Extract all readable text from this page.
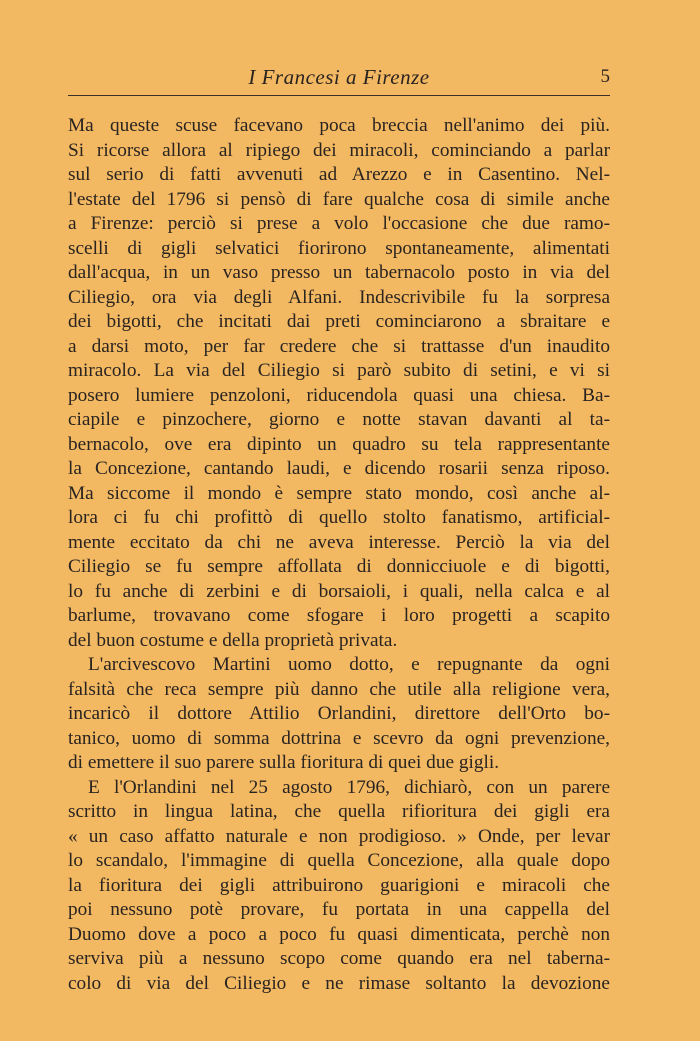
I Francesi a Firenze	5
Ma queste scuse facevano poca breccia nell'animo dei più.
Si ricorse allora al ripiego dei miracoli, cominciando a parlar
sul serio di fatti avvenuti ad Arezzo e in Casentino. Nel-
l'estate del 1796 si pensò di fare qualche cosa di simile anche
a Firenze: perciò si prese a volo l'occasione che due ramo-
scelli di gigli selvatici fiorirono spontaneamente, alimentati
dall'acqua, in un vaso presso un tabernacolo posto in via del
Ciliegio, ora via degli Alfani. Indescrivibile fu la sorpresa
dei bigotti, che incitati dai preti cominciarono a sbraitare e
a darsi moto, per far credere che si trattasse d'un inaudito
miracolo. La via del Ciliegio si parò subito di setini, e vi si
posero lumiere penzoloni, riducendola quasi una chiesa. Ba-
ciapile e pinzochere, giorno e notte stavan davanti al ta-
bernacolo, ove era dipinto un quadro su tela rappresentante
la Concezione, cantando laudi, e dicendo rosarii senza riposo.
Ma siccome il mondo è sempre stato mondo, così anche al-
lora ci fu chi profittò di quello stolto fanatismo, artificial-
mente eccitato da chi ne aveva interesse. Perciò la via del
Ciliegio se fu sempre affollata di donnicciuole e di bigotti,
lo fu anche di zerbini e di borsaioli, i quali, nella calca e al
barlume, trovavano come sfogare i loro progetti a scapito
del buon costume e della proprietà privata.
L'arcivescovo Martini uomo dotto, e repugnante da ogni
falsità che reca sempre più danno che utile alla religione vera,
incaricò il dottore Attilio Orlandini, direttore dell'Orto bo-
tanico, uomo di somma dottrina e scevro da ogni prevenzione,
di emettere il suo parere sulla fioritura di quei due gigli.
E l'Orlandini nel 25 agosto 1796, dichiarò, con un parere
scritto in lingua latina, che quella rifioritura dei gigli era
« un caso affatto naturale e non prodigioso. » Onde, per levar
lo scandalo, l'immagine di quella Concezione, alla quale dopo
la fioritura dei gigli attribuirono guarigioni e miracoli che
poi nessuno potè provare, fu portata in una cappella del
Duomo dove a poco a poco fu quasi dimenticata, perchè non
serviva più a nessuno scopo come quando era nel taberna-
colo di via del Ciliegio e ne rimase soltanto la devozione
